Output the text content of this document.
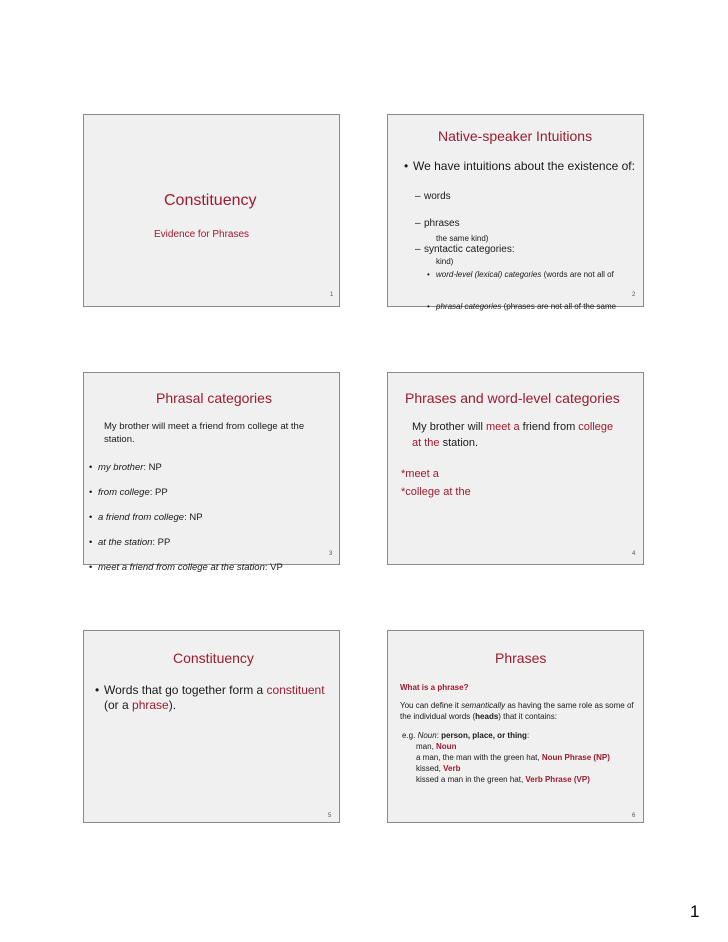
Constituency
Evidence for Phrases
1
Native-speaker Intuitions
• We have intuitions about the existence of:
– words
– phrases
– syntactic categories:
• word-level (lexical) categories (words are not all of
the same kind)
• phrasal categories (phrases are not all of the same
kind)
2
Phrasal categories
My brother will meet a friend from college at the
station.
• my brother: NP
• from college: PP
• a friend from college: NP
• at the station: PP
• meet a friend from college at the station: VP
3
Phrases and word-level categories
My brother will meet a friend from college
at the station.
*meet a
*college at the
4
Constituency
• Words that go together form a constituent
(or a phrase).
5
Phrases
What is a phrase?
You can define it semantically as having the same role as some of
the individual words (heads) that it contains:
e.g. Noun: person, place, or thing:
man, Noun
a man, the man with the green hat, Noun Phrase (NP)
kissed, Verb
kissed a man in the green hat, Verb Phrase (VP)
6
1
